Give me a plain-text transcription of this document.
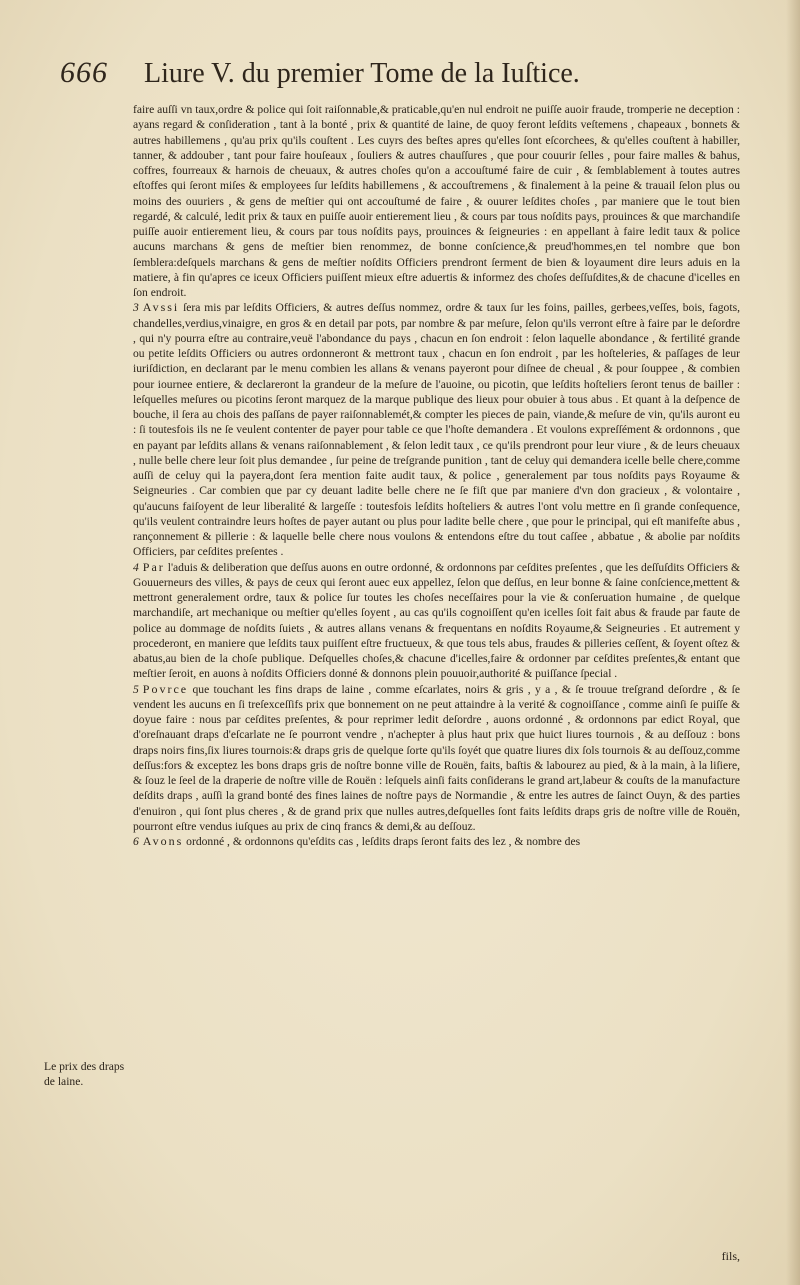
666 Liure V. du premier Tome de la Iuſtice.
Le prix des draps de laine.

faire auſſi vn taux,ordre & police qui ſoit raiſonnable,& praticable,qu'en nul endroit ne puiſſe auoir fraude, tromperie ne deception : ayans regard & conſideration , tant à la bonté , prix & quantité de laine, de quoy feront leſdits veſtemens , chapeaux , bonnets & autres habillemens , qu'au prix qu'ils couſtent . Les cuyrs des beſtes apres qu'elles ſont eſcorchees, & qu'elles couſtent à habiller, tanner, & addouber , tant pour faire houſeaux , ſouliers & autres chauſſures , que pour couurir ſelles , pour faire malles & bahus, coffres, fourreaux & harnois de cheuaux, & autres choſes qu'on a accouſtumé faire de cuir , & ſemblablement à toutes autres eſtoffes qui ſeront miſes & employees ſur leſdits habillemens , & accouſtremens , & finalement à la peine & trauail ſelon plus ou moins des ouuriers , & gens de meſtier qui ont accouſtumé de faire , & ouurer leſdites choſes , par maniere que le tout bien regardé, & calculé, ledit prix & taux en puiſſe auoir entierement lieu , & cours par tous noſdits pays, prouinces & que marchandiſe puiſſe auoir entierement lieu, & cours par tous noſdits pays, prouinces & ſeigneuries : en appellant à faire ledit taux & police aucuns marchans & gens de meſtier bien renommez, de bonne conſcience,& preud'hommes,en tel nombre que bon ſemblera:deſquels marchans & gens de meſtier noſdits Officiers prendront ſerment de bien & loyaument dire leurs aduis en la matiere, à fin qu'apres ce iceux Officiers puiſſent mieux eſtre aduertis & informez des choſes deſſuſdites,& de chacune d'icelles en ſon endroit.

3 Avssi ſera mis par leſdits Officiers, & autres deſſus nommez, ordre & taux ſur les foins, pailles, gerbees,veſſes, bois, fagots, chandelles,verdius,vinaigre, en gros & en detail par pots, par nombre & par meſure, ſelon qu'ils verront eſtre à faire par le deſordre , qui n'y pourra eſtre au contraire,veuë l'abondance du pays , chacun en ſon endroit : ſelon laquelle abondance , & fertilité grande ou petite leſdits Officiers ou autres ordonneront & mettront taux , chacun en ſon endroit , par les hoſteleries, & paſſages de leur iuriſdiction, en declarant par le menu combien les allans & venans payeront pour diſnee de cheual , & pour ſouppee , & combien pour iournee entiere, & declareront la grandeur de la meſure de l'auoine, ou picotin, que leſdits hoſteliers ſeront tenus de bailler : leſquelles meſures ou picotins ſeront marquez de la marque publique des lieux pour obuier à tous abus . Et quant à la deſpence de bouche, il ſera au chois des paſſans de payer raiſonnablemét,& compter les pieces de pain, viande,& meſure de vin, qu'ils auront eu : ſi toutesfois ils ne ſe veulent contenter de payer pour table ce que l'hoſte demandera . Et voulons expreſſément & ordonnons , que en payant par leſdits allans & venans raiſonnablement , & ſelon ledit taux , ce qu'ils prendront pour leur viure , & de leurs cheuaux , nulle belle chere leur ſoit plus demandee , ſur peine de treſgrande punition , tant de celuy qui demandera icelle belle chere,comme auſſi de celuy qui la payera,dont ſera mention faite audit taux, & police , generalement par tous noſdits pays Royaume & Seigneuries . Car combien que par cy deuant ladite belle chere ne ſe fiſt que par maniere d'vn don gracieux , & volontaire , qu'aucuns faiſoyent de leur liberalité & largeſſe : toutesfois leſdits hoſteliers & autres l'ont volu mettre en ſi grande conſequence, qu'ils veulent contraindre leurs hoſtes de payer autant ou plus pour ladite belle chere , que pour le principal, qui eſt manifeſte abus , rançonnement & pillerie : & laquelle belle chere nous voulons & entendons eſtre du tout caſſee , abbatue , & abolie par noſdits Officiers, par ceſdites preſentes .

4 Par l'aduis & deliberation que deſſus auons en outre ordonné, & ordonnons par ceſdites preſentes , que les deſſuſdits Officiers & Gouuerneurs des villes, & pays de ceux qui ſeront auec eux appellez, ſelon que deſſus, en leur bonne & ſaine conſcience,mettent & mettront generalement ordre, taux & police ſur toutes les choſes neceſſaires pour la vie & conſeruation humaine , de quelque marchandiſe, art mechanique ou meſtier qu'elles ſoyent , au cas qu'ils cognoiſſent qu'en icelles ſoit fait abus & fraude par faute de police au dommage de noſdits ſuiets , & autres allans venans & frequentans en noſdits Royaume,& Seigneuries . Et autrement y procederont, en maniere que leſdits taux puiſſent eſtre fructueux, & que tous tels abus, fraudes & pilleries ceſſent, & ſoyent oſtez & abatus,au bien de la choſe publique. Deſquelles choſes,& chacune d'icelles,faire & ordonner par ceſdites preſentes,& entant que meſtier ſeroit, en auons à noſdits Officiers donné & donnons plein pouuoir,authorité & puiſſance ſpecial .

5 Povrce que touchant les fins draps de laine , comme eſcarlates, noirs & gris , y a , & ſe trouue treſgrand deſordre , & ſe vendent les aucuns en ſi treſexceſſifs prix que bonnement on ne peut attaindre à la verité & cognoiſſance , comme ainſi ſe puiſſe & doyue faire : nous par ceſdites preſentes, & pour reprimer ledit deſordre , auons ordonné , & ordonnons par edict Royal, que d'oreſnauant draps d'eſcarlate ne ſe pourront vendre , n'achepter à plus haut prix que huict liures tournois , & au deſſouz : bons draps noirs fins,ſix liures tournois:& draps gris de quelque ſorte qu'ils ſoyét que quatre liures dix ſols tournois & au deſſouz,comme deſſus:fors & exceptez les bons draps gris de noſtre bonne ville de Rouën, faits, baſtis & labourez au pied, & à la main, à la liſiere, & ſouz le ſeel de la draperie de noſtre ville de Rouën : leſquels ainſi faits conſiderans le grand art,labeur & couſts de la manufacture deſdits draps , auſſi la grand bonté des fines laines de noſtre pays de Normandie , & entre les autres de ſainct Ouyn, & des parties d'enuiron , qui ſont plus cheres , & de grand prix que nulles autres,deſquelles ſont faits leſdits draps gris de noſtre ville de Rouën, pourront eſtre vendus iuſques au prix de cinq francs & demi,& au deſſouz.

6 Avons ordonné , & ordonnons qu'eſdits cas , leſdits draps ſeront faits des lez , & nombre des

fils,
